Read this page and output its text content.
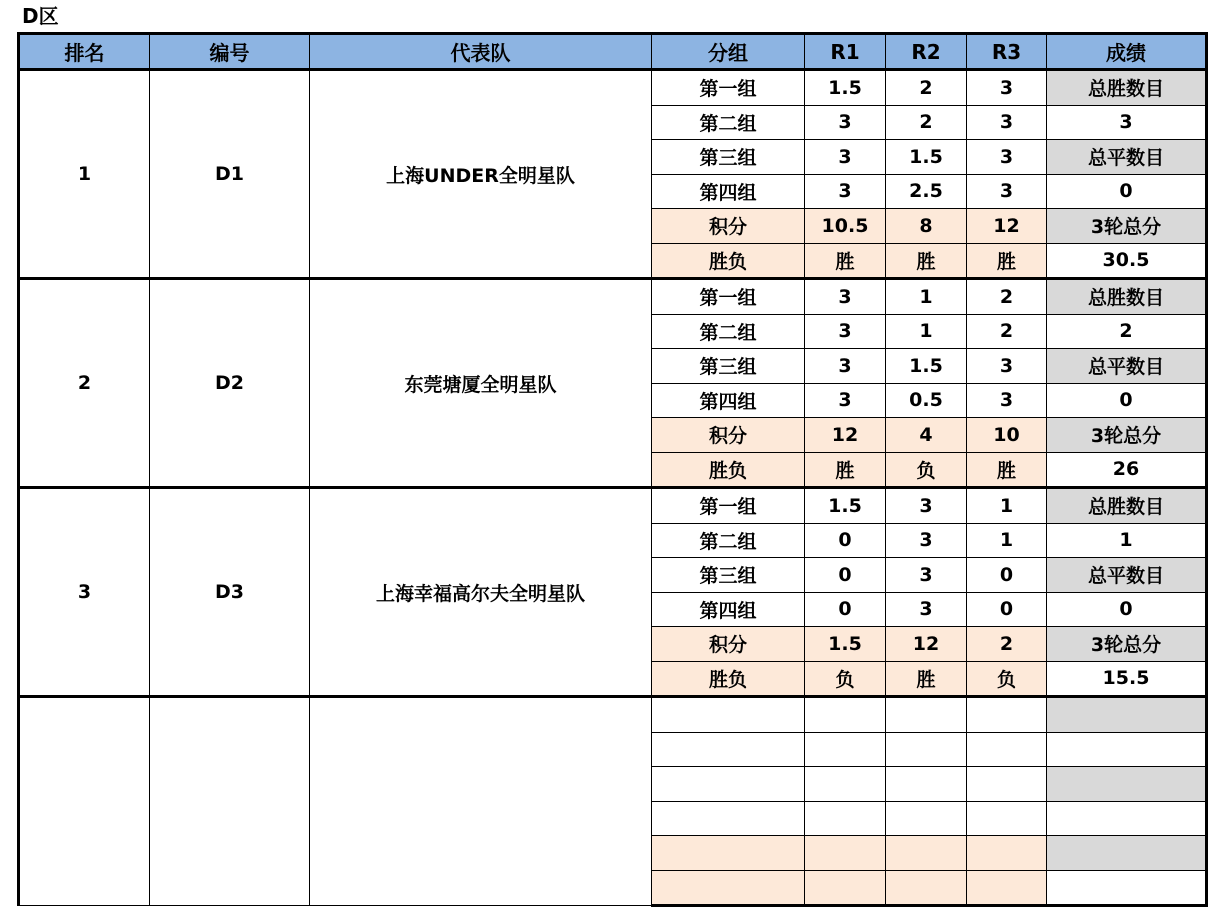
D区
排名	编号	代表队	分组	R1	R2	R3	成绩
1	D1	上海UNDER全明星队	第一组	1.5	2	3	总胜数目
			第二组	3	2	3	3
			第三组	3	1.5	3	总平数目
			第四组	3	2.5	3	0
			积分	10.5	8	12	3轮总分
			胜负	胜	胜	胜	30.5
2	D2	东莞塘厦全明星队	第一组	3	1	2	总胜数目
			第二组	3	1	2	2
			第三组	3	1.5	3	总平数目
			第四组	3	0.5	3	0
			积分	12	4	10	3轮总分
			胜负	胜	负	胜	26
3	D3	上海幸福高尔夫全明星队	第一组	1.5	3	1	总胜数目
			第二组	0	3	1	1
			第三组	0	3	0	总平数目
			第四组	0	3	0	0
			积分	1.5	12	2	3轮总分
			胜负	负	胜	负	15.5
